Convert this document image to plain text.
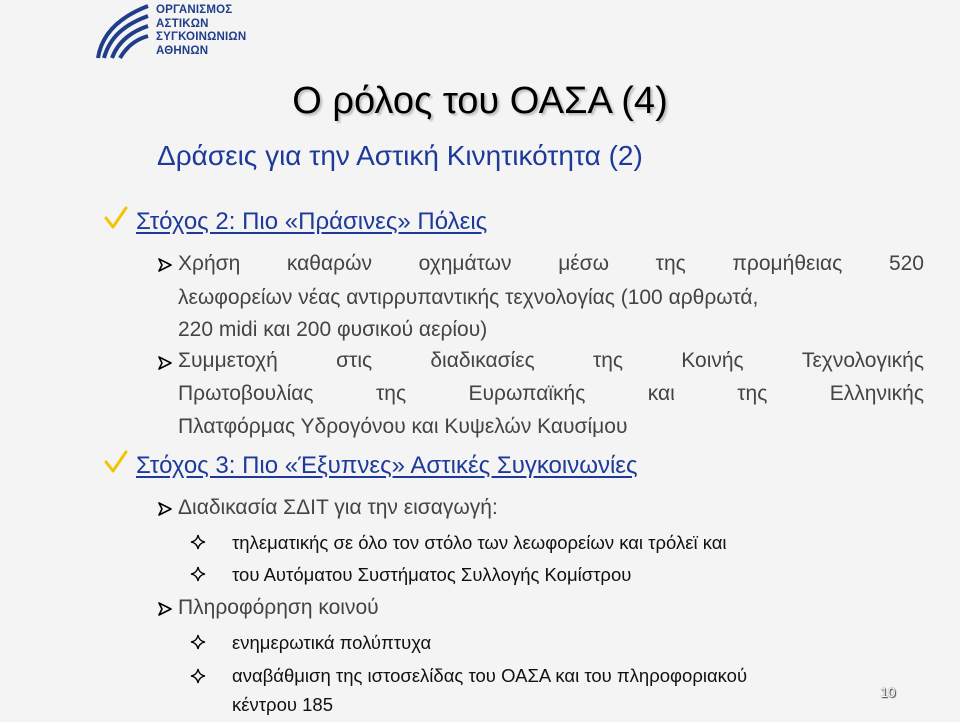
ΟΡΓΑΝΙΣΜΟΣ
ΑΣΤΙΚΩΝ
ΣΥΓΚΟΙΝΩΝΙΩΝ
ΑΘΗΝΩΝ
Ο ρόλος του ΟΑΣΑ (4)
Δράσεις για την Αστική Κινητικότητα (2)
Στόχος 2: Πιο «Πράσινες» Πόλεις
Χρήση καθαρών οχημάτων μέσω της προμήθειας 520
λεωφορείων νέας αντιρρυπαντικής τεχνολογίας (100 αρθρωτά,
220 midi και 200 φυσικού αερίου)
Συμμετοχή	στις	διαδικασίες	της	Κοινής	Τεχνολογικής
Πρωτοβουλίας	της	Ευρωπαϊκής	και	της	Ελληνικής
Πλατφόρμας Υδρογόνου και Κυψελών Καυσίμου
Στόχος 3: Πιο «Έξυπνες» Αστικές Συγκοινωνίες
Διαδικασία ΣΔΙΤ για την εισαγωγή:
τηλεματικής σε όλο τον στόλο των λεωφορείων και τρόλεϊ και
του Αυτόματου Συστήματος Συλλογής Κομίστρου
Πληροφόρηση κοινού
ενημερωτικά πολύπτυχα
αναβάθμιση της ιστοσελίδας του ΟΑΣΑ και του πληροφοριακού
κέντρου 185
10
